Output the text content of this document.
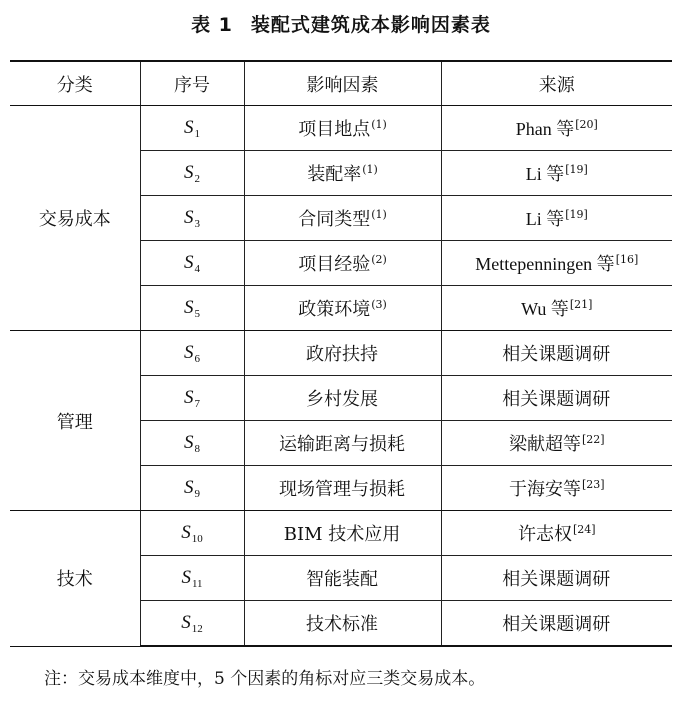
表 1 装配式建筑成本影响因素表
分类	序号	影响因素	来源
交易成本	$S_1$	项目地点$^{(1)}$	Phan 等[20]
	$S_2$	装配率$^{(1)}$	Li 等[19]
	$S_3$	合同类型$^{(1)}$	Li 等[19]
	$S_4$	项目经验$^{(2)}$	Mettepenningen 等[16]
	$S_5$	政策环境$^{(3)}$	Wu 等[21]
管理	$S_6$	政府扶持	相关课题调研
	$S_7$	乡村发展	相关课题调研
	$S_8$	运输距离与损耗	梁献超等[22]
	$S_9$	现场管理与损耗	于海安等[23]
技术	$S_{10}$	BIM 技术应用	许志权[24]
	$S_{11}$	智能装配	相关课题调研
	$S_{12}$	技术标准	相关课题调研
注：交易成本维度中，5 个因素的角标对应三类交易成本。
